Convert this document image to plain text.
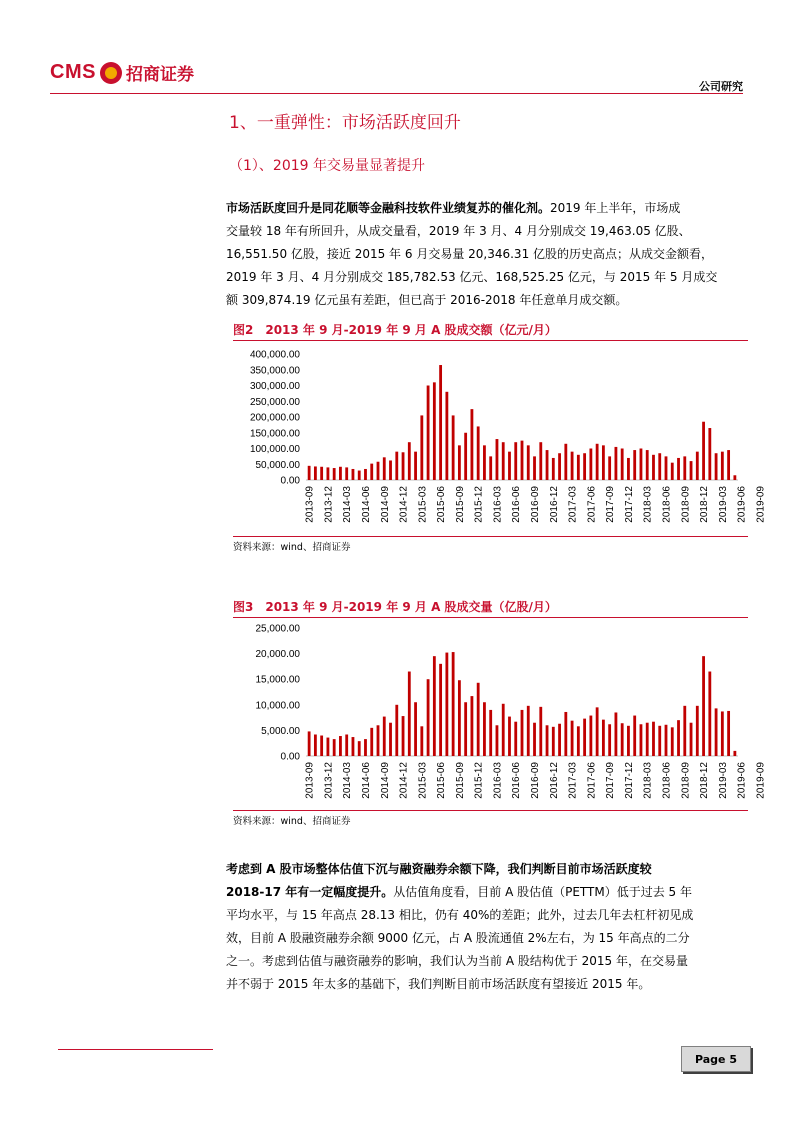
CMS 招商证券
公司研究
1、一重弹性：市场活跃度回升
（1）、2019 年交易量显著提升
市场活跃度回升是同花顺等金融科技软件业绩复苏的催化剂。2019 年上半年，市场成
交量较 18 年有所回升，从成交量看，2019 年 3 月、4 月分别成交 19,463.05 亿股、
16,551.50 亿股，接近 2015 年 6 月交易量 20,346.31 亿股的历史高点；从成交金额看，
2019 年 3 月、4 月分别成交 185,782.53 亿元、168,525.25 亿元，与 2015 年 5 月成交
额 309,874.19 亿元虽有差距，但已高于 2016-2018 年任意单月成交额。
图2　2013 年 9 月-2019 年 9 月 A 股成交额（亿元/月）
400,000.00
350,000.00
300,000.00
250,000.00
200,000.00
150,000.00
100,000.00
50,000.00
0.00
2013-09 2013-12 2014-03 2014-06 2014-09 2014-12 2015-03 2015-06 2015-09 2015-12 2016-03 2016-06 2016-09 2016-12 2017-03 2017-06 2017-09 2017-12 2018-03 2018-06 2018-09 2018-12 2019-03 2019-06 2019-09
资料来源：wind、招商证券
图3　2013 年 9 月-2019 年 9 月 A 股成交量（亿股/月）
25,000.00
20,000.00
15,000.00
10,000.00
5,000.00
0.00
2013-09 2013-12 2014-03 2014-06 2014-09 2014-12 2015-03 2015-06 2015-09 2015-12 2016-03 2016-06 2016-09 2016-12 2017-03 2017-06 2017-09 2017-12 2018-03 2018-06 2018-09 2018-12 2019-03 2019-06 2019-09
资料来源：wind、招商证券
考虑到 A 股市场整体估值下沉与融资融券余额下降，我们判断目前市场活跃度较
2018-17 年有一定幅度提升。从估值角度看，目前 A 股估值（PETTM）低于过去 5 年
平均水平，与 15 年高点 28.13 相比，仍有 40%的差距；此外，过去几年去杠杆初见成
效，目前 A 股融资融券余额 9000 亿元，占 A 股流通值 2%左右，为 15 年高点的二分
之一。考虑到估值与融资融券的影响，我们认为当前 A 股结构优于 2015 年，在交易量
并不弱于 2015 年太多的基础下，我们判断目前市场活跃度有望接近 2015 年。
Page 5
